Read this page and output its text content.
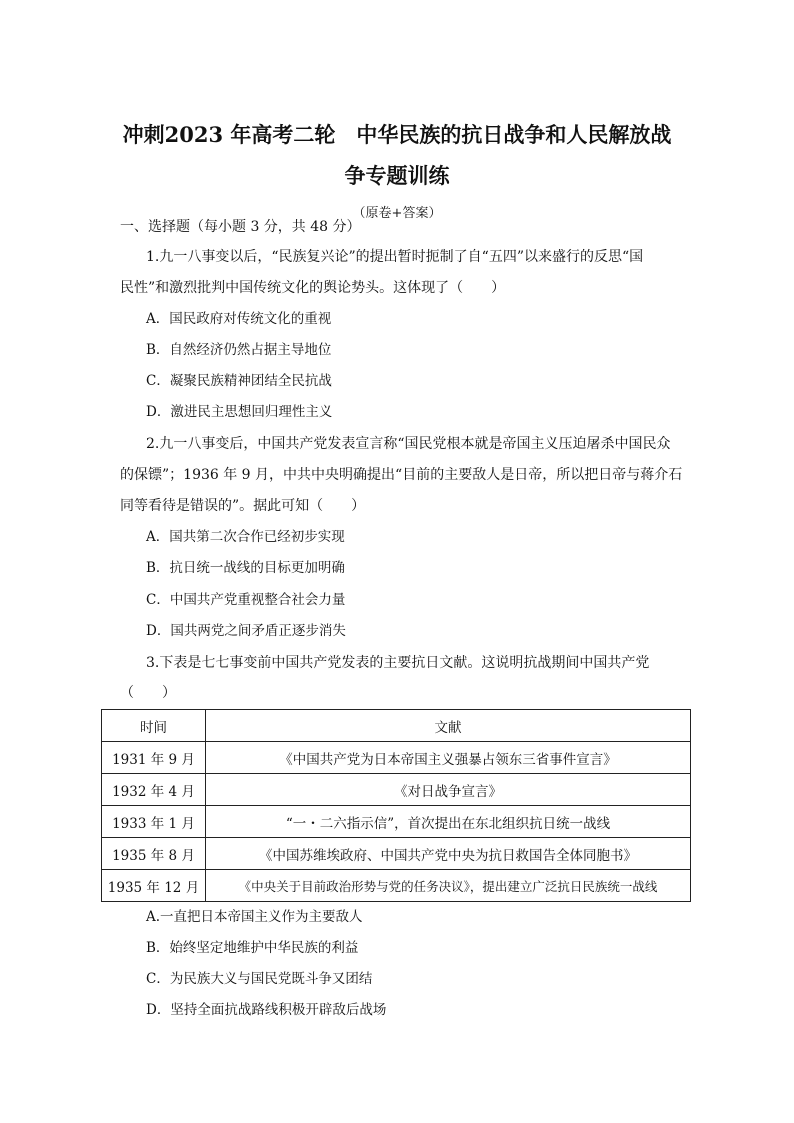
冲刺2023 年高考二轮　中华民族的抗日战争和人民解放战
争专题训练
（原卷+答案）
一、选择题（每小题 3 分，共 48 分）
1.九一八事变以后，“民族复兴论”的提出暂时扼制了自“五四”以来盛行的反思“国
民性”和激烈批判中国传统文化的舆论势头。这体现了（　　）
A．国民政府对传统文化的重视
B．自然经济仍然占据主导地位
C．凝聚民族精神团结全民抗战
D．激进民主思想回归理性主义
2.九一八事变后，中国共产党发表宣言称“国民党根本就是帝国主义压迫屠杀中国民众
的保镖”；1936 年 9 月，中共中央明确提出“目前的主要敌人是日帝，所以把日帝与蒋介石
同等看待是错误的”。据此可知（　　）
A．国共第二次合作已经初步实现
B．抗日统一战线的目标更加明确
C．中国共产党重视整合社会力量
D．国共两党之间矛盾正逐步消失
3.下表是七七事变前中国共产党发表的主要抗日文献。这说明抗战期间中国共产党
（　　）
时间	文献
1931 年 9 月	《中国共产党为日本帝国主义强暴占领东三省事件宣言》
1932 年 4 月	《对日战争宣言》
1933 年 1 月	“一・二六指示信”，首次提出在东北组织抗日统一战线
1935 年 8 月	《中国苏维埃政府、中国共产党中央为抗日救国告全体同胞书》
1935 年 12 月	《中央关于目前政治形势与党的任务决议》，提出建立广泛抗日民族统一战线
A.一直把日本帝国主义作为主要敌人
B．始终坚定地维护中华民族的利益
C．为民族大义与国民党既斗争又团结
D．坚持全面抗战路线积极开辟敌后战场
